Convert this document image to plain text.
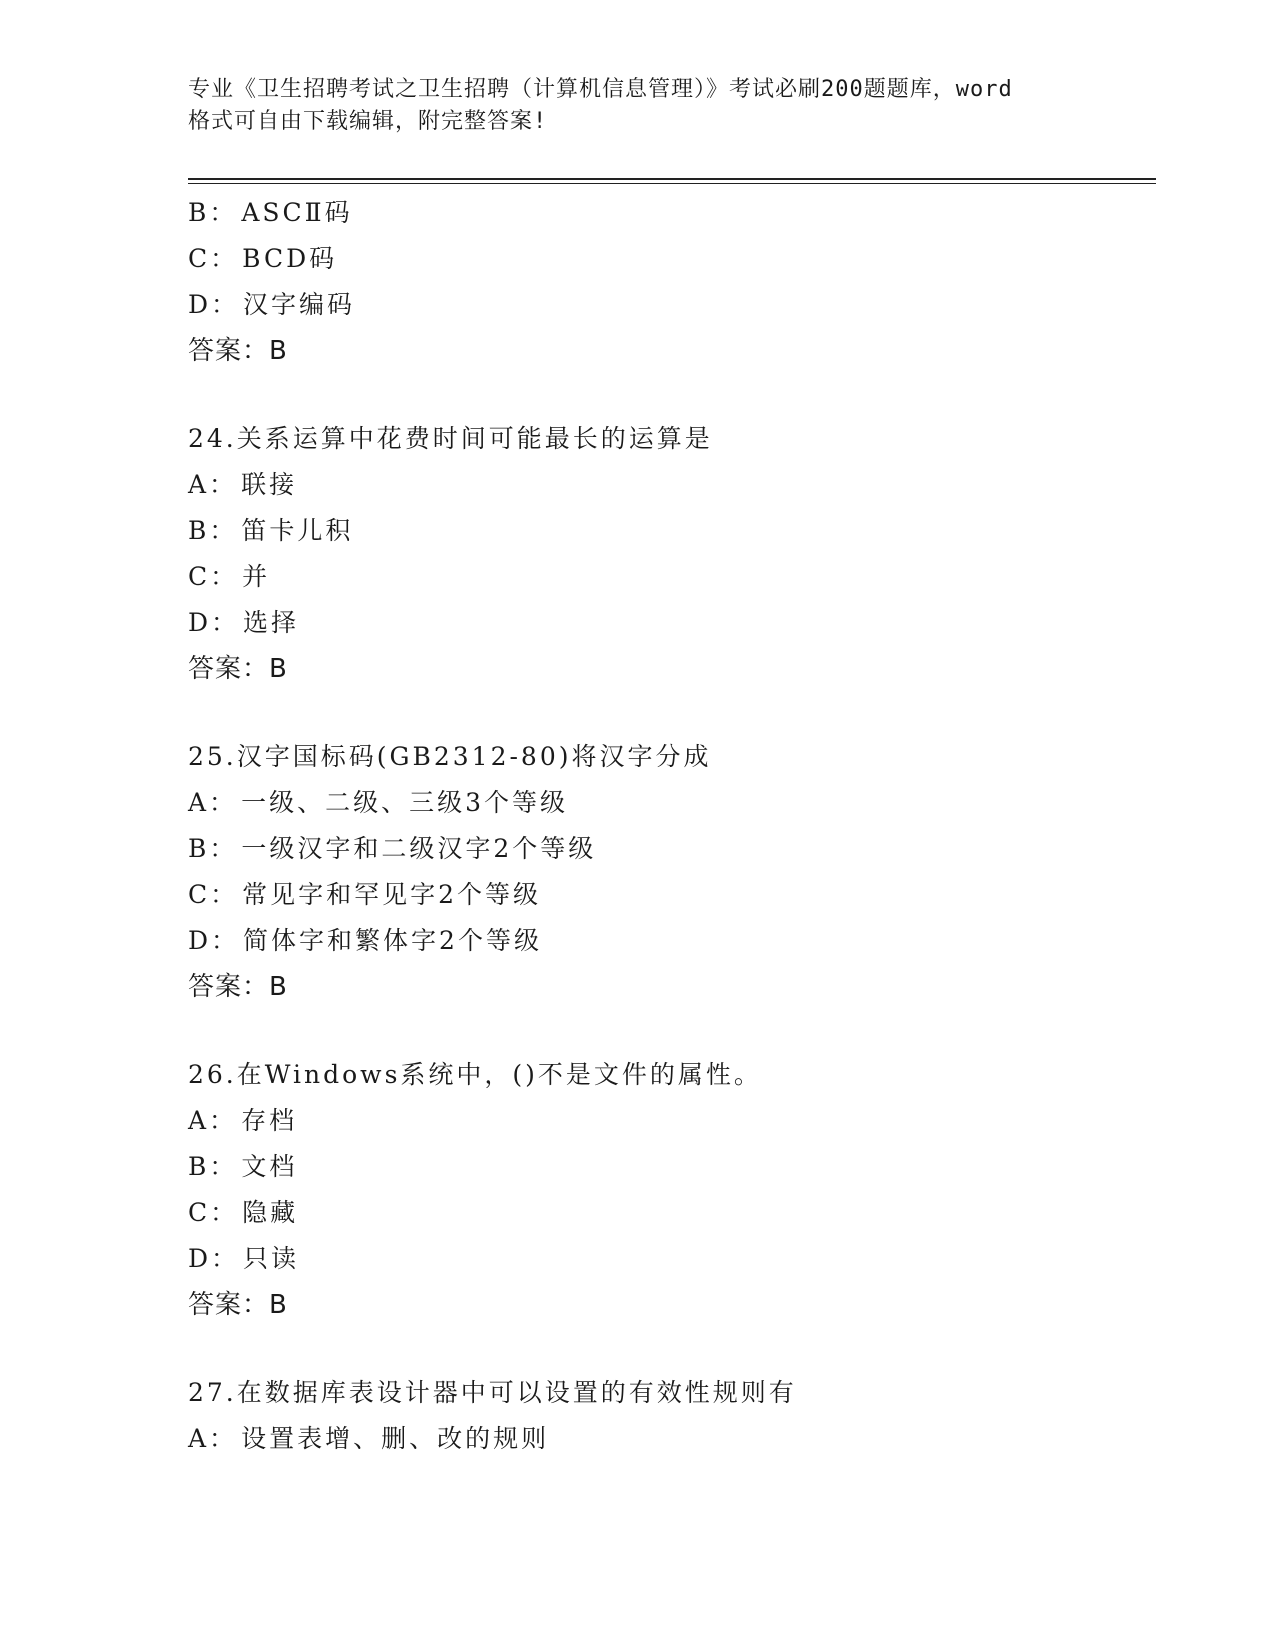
专业《卫生招聘考试之卫生招聘（计算机信息管理）》考试必刷200题题库，word
格式可自由下载编辑，附完整答案!
B： ASCⅡ码
C： BCD码
D： 汉字编码
答案：B
24.关系运算中花费时间可能最长的运算是
A： 联接
B： 笛卡儿积
C： 并
D： 选择
答案：B
25.汉字国标码(GB2312-80)将汉字分成
A： 一级、二级、三级3个等级
B： 一级汉字和二级汉字2个等级
C： 常见字和罕见字2个等级
D： 简体字和繁体字2个等级
答案：B
26.在Windows系统中，()不是文件的属性。
A： 存档
B： 文档
C： 隐藏
D： 只读
答案：B
27.在数据库表设计器中可以设置的有效性规则有
A： 设置表增、删、改的规则
